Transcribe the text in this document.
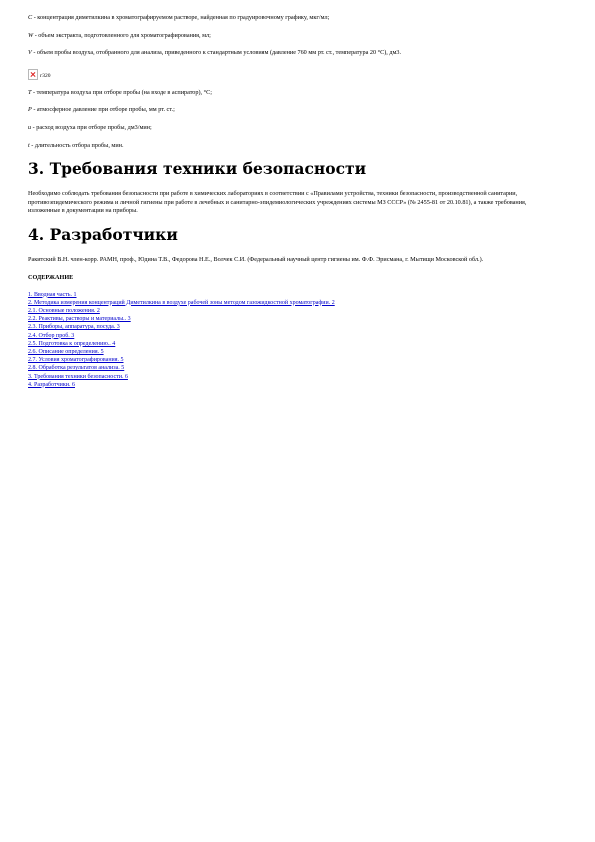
C - концентрация диметилкина в хроматографируемом растворе, найденная по градуировочному графику, мкг/мл;

W - объем экстракта, подготовленного для хроматографирования, мл;

V - объем пробы воздуха, отобранного для анализа, приведенного к стандартным условиям (давление 760 мм рт. ст., температура 20 °С), дм3.

г320

T - температура воздуха при отборе пробы (на входе в аспиратор), °С;

P - атмосферное давление при отборе пробы, мм рт. ст.;

u - расход воздуха при отборе пробы, дм3/мин;

t - длительность отбора пробы, мин.

3. Требования техники безопасности

Необходимо соблюдать требования безопасности при работе в химических лабораториях в соответствии с «Правилами устройства, техники безопасности, производственной санитарии, противоэпидемического режима и личной гигиены при работе в лечебных и санитарно-эпидемиологических учреждениях системы МЗ СССР» (№ 2455-81 от 20.10.81), а также требования, изложенные в документации на приборы.

4. Разработчики

Ракитский В.Н. член-корр. РАМН, проф., Юдина Т.В., Федорова Н.Е., Волчек С.И. (Федеральный научный центр гигиены им. Ф.Ф. Эрисмана, г. Мытищи Московской обл.).

СОДЕРЖАНИЕ
1. Вводная часть. 1
2. Методика измерения концентраций Диметилкина в воздухе рабочей зоны методом газожидкостной хроматографии. 2
2.1. Основные положения. 2
2.2. Реактивы, растворы и материалы.. 3
2.3. Приборы, аппаратура, посуда. 3
2.4. Отбор проб. 3
2.5. Подготовка к определению.. 4
2.6. Описание определения. 5
2.7. Условия хроматографирования. 5
2.8. Обработка результатов анализа. 5
3. Требования техники безопасности. 6
4. Разработчики. 6
